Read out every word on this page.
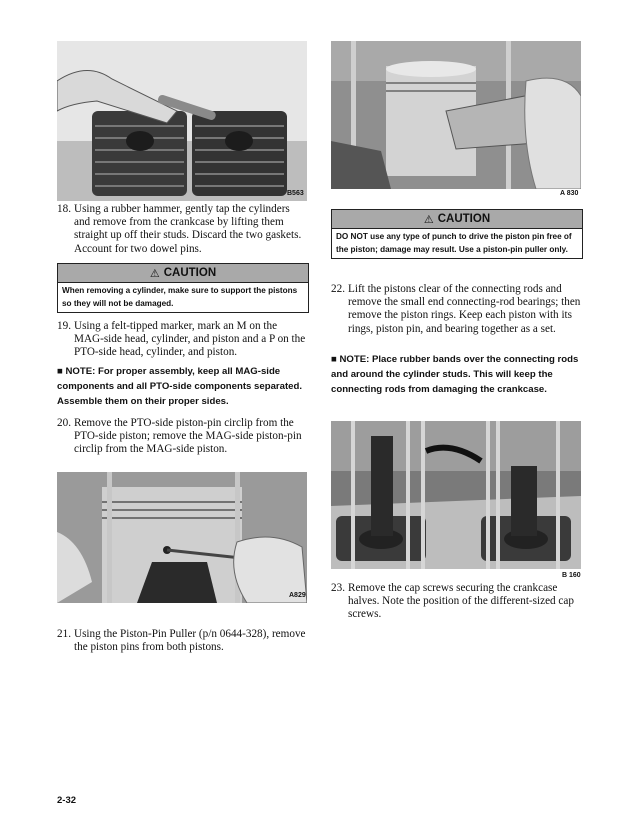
B563
18. Using a rubber hammer, gently tap the cylinders and remove from the crankcase by lifting them straight up off their studs. Discard the two gaskets. Account for two dowel pins.
⚠ CAUTION
When removing a cylinder, make sure to support the pistons so they will not be damaged.
19. Using a felt-tipped marker, mark an M on the MAG-side head, cylinder, and piston and a P on the PTO-side head, cylinder, and piston.
■ NOTE: For proper assembly, keep all MAG-side components and all PTO-side components separated. Assemble them on their proper sides.
20. Remove the PTO-side piston-pin circlip from the PTO-side piston; remove the MAG-side piston-pin circlip from the MAG-side piston.
A829
21. Using the Piston-Pin Puller (p/n 0644-328), remove the piston pins from both pistons.
A 830
⚠ CAUTION
DO NOT use any type of punch to drive the piston pin free of the piston; damage may result. Use a piston-pin puller only.
22. Lift the pistons clear of the connecting rods and remove the small end connecting-rod bearings; then remove the piston rings. Keep each piston with its rings, piston pin, and bearing together as a set.
■ NOTE: Place rubber bands over the connecting rods and around the cylinder studs. This will keep the connecting rods from damaging the crankcase.
B 160
23. Remove the cap screws securing the crankcase halves. Note the position of the different-sized cap screws.
2-32
